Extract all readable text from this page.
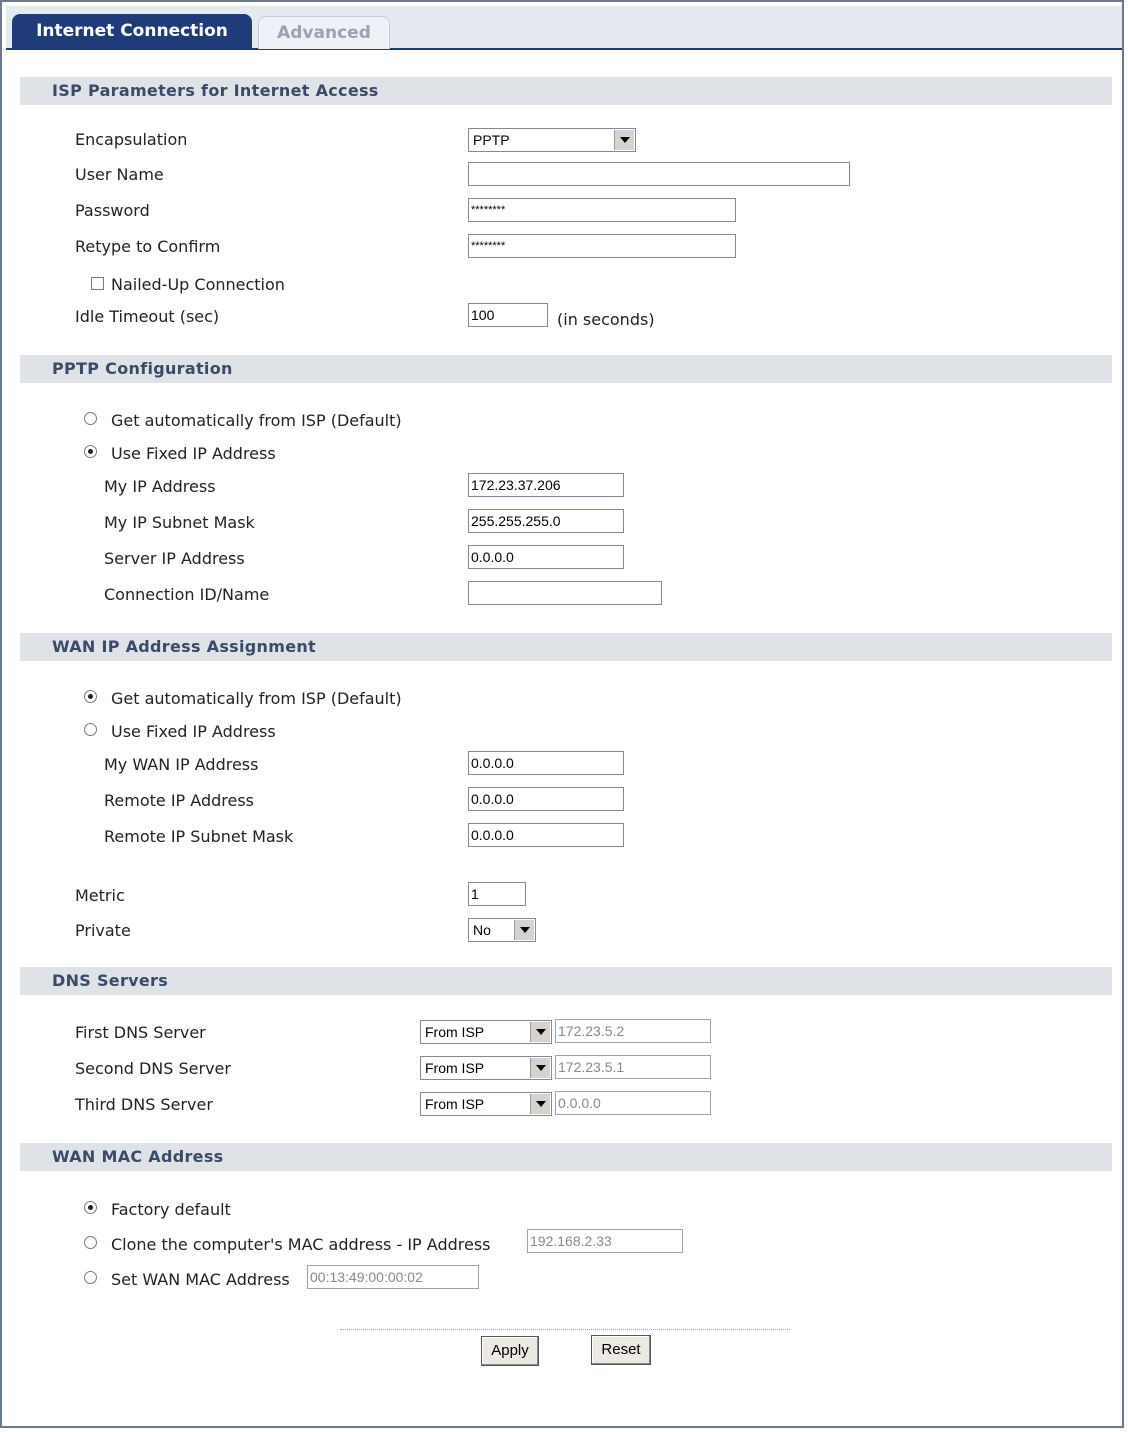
Internet Connection	Advanced
ISP Parameters for Internet Access
Encapsulation	PPTP
User Name
Password	********
Retype to Confirm	********
Nailed-Up Connection
Idle Timeout (sec)	100	(in seconds)
PPTP Configuration
Get automatically from ISP (Default)
Use Fixed IP Address
My IP Address	172.23.37.206
My IP Subnet Mask	255.255.255.0
Server IP Address	0.0.0.0
Connection ID/Name
WAN IP Address Assignment
Get automatically from ISP (Default)
Use Fixed IP Address
My WAN IP Address	0.0.0.0
Remote IP Address	0.0.0.0
Remote IP Subnet Mask	0.0.0.0
Metric	1
Private	No
DNS Servers
First DNS Server	From ISP	172.23.5.2
Second DNS Server	From ISP	172.23.5.1
Third DNS Server	From ISP	0.0.0.0
WAN MAC Address
Factory default
Clone the computer's MAC address - IP Address	192.168.2.33
Set WAN MAC Address 00:13:49:00:00:02
Apply	Reset
